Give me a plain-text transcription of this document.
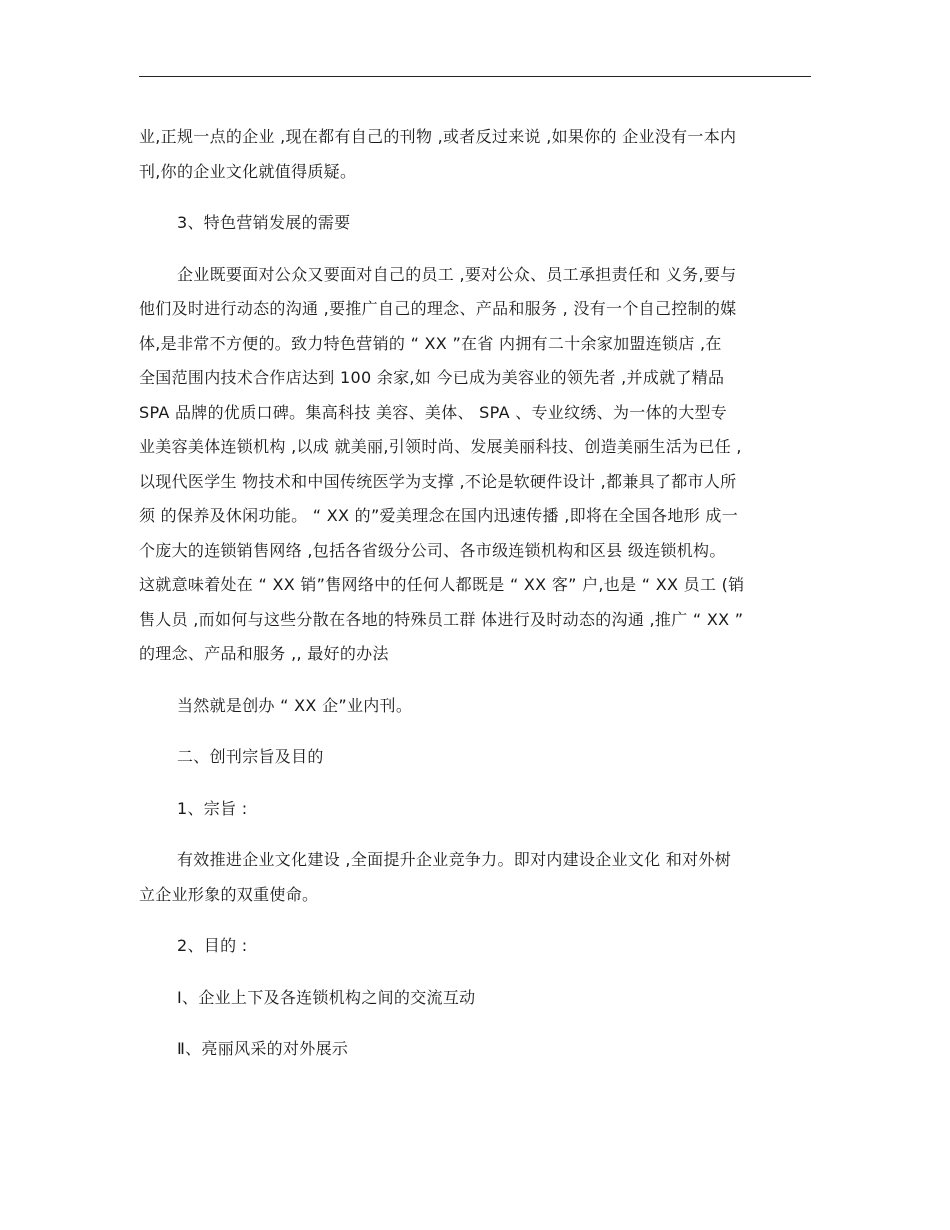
业,正规一点的企业 ,现在都有自己的刊物 ,或者反过来说 ,如果你的 企业没有一本内
刊,你的企业文化就值得质疑。

3、特色营销发展的需要

企业既要面对公众又要面对自己的员工 ,要对公众、员工承担责任和 义务,要与
他们及时进行动态的沟通 ,要推广自己的理念、产品和服务 , 没有一个自己控制的媒
体,是非常不方便的。致力特色营销的 “ XX ”在省 内拥有二十余家加盟连锁店 ,在
全国范围内技术合作店达到 100 余家,如 今已成为美容业的领先者 ,并成就了精品
SPA 品牌的优质口碑。集高科技 美容、美体、 SPA 、专业纹绣、为一体的大型专
业美容美体连锁机构 ,以成 就美丽,引领时尚、发展美丽科技、创造美丽生活为已任 ,
以现代医学生 物技术和中国传统医学为支撑 ,不论是软硬件设计 ,都兼具了都市人所
须 的保养及休闲功能。 “ XX 的”爱美理念在国内迅速传播 ,即将在全国各地形 成一
个庞大的连锁销售网络 ,包括各省级分公司、各市级连锁机构和区县 级连锁机构。
这就意味着处在 “ XX 销”售网络中的任何人都既是 “ XX 客” 户,也是 “ XX 员工 (销
售人员 ,而如何与这些分散在各地的特殊员工群 体进行及时动态的沟通 ,推广 “ XX ”
的理念、产品和服务 ,, 最好的办法

当然就是创办 “ XX 企”业内刊。

二、创刊宗旨及目的

1、宗旨 :

有效推进企业文化建设 ,全面提升企业竞争力。即对内建设企业文化 和对外树
立企业形象的双重使命。

2、目的 :

Ⅰ、企业上下及各连锁机构之间的交流互动

Ⅱ、亮丽风采的对外展示
